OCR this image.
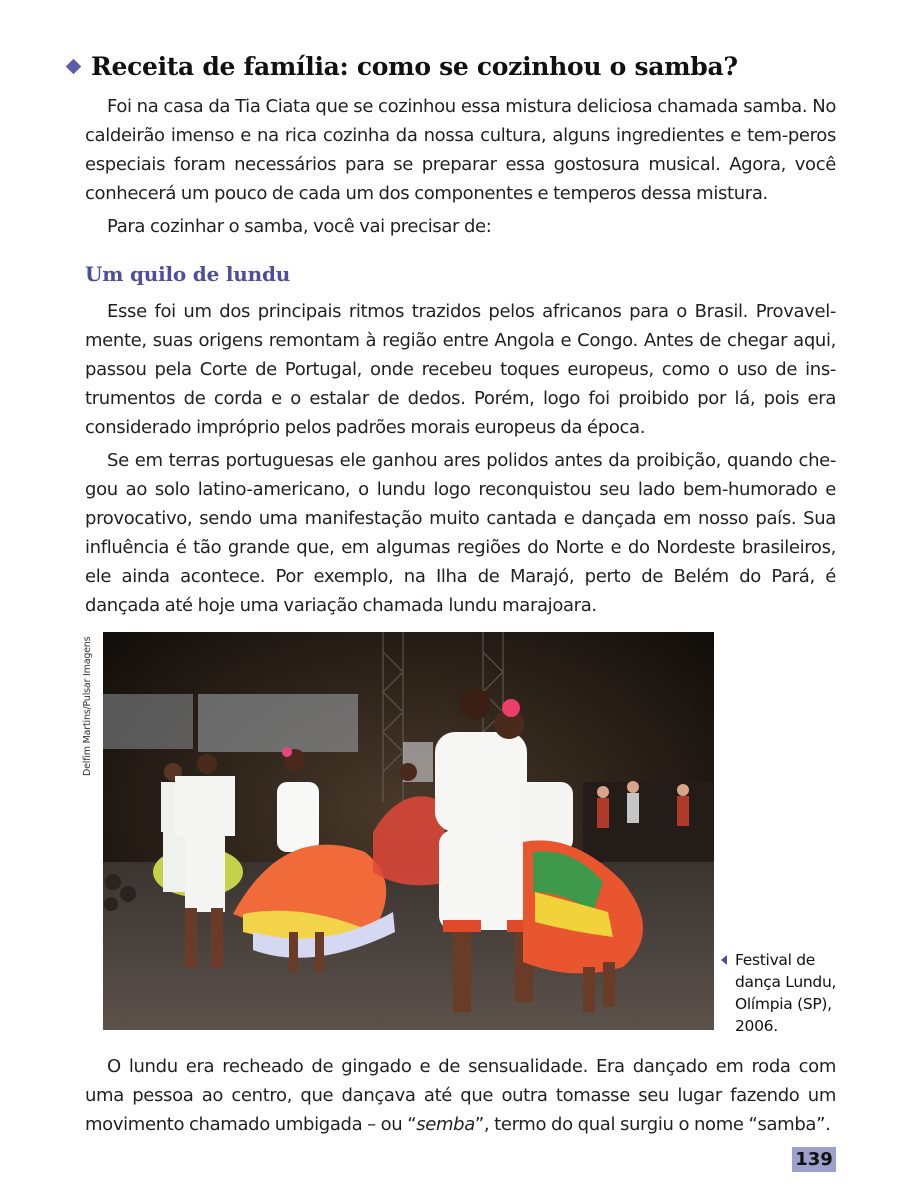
Receita de família: como se cozinhou o samba?
Foi na casa da Tia Ciata que se cozinhou essa mistura deliciosa chamada samba. No caldeirão imenso e na rica cozinha da nossa cultura, alguns ingredientes e tem-peros especiais foram necessários para se preparar essa gostosura musical. Agora, você conhecerá um pouco de cada um dos componentes e temperos dessa mistura.
Para cozinhar o samba, você vai precisar de:
Um quilo de lundu
Esse foi um dos principais ritmos trazidos pelos africanos para o Brasil. Provavel-mente, suas origens remontam à região entre Angola e Congo. Antes de chegar aqui, passou pela Corte de Portugal, onde recebeu toques europeus, como o uso de ins-trumentos de corda e o estalar de dedos. Porém, logo foi proibido por lá, pois era considerado impróprio pelos padrões morais europeus da época.
Se em terras portuguesas ele ganhou ares polidos antes da proibição, quando che-gou ao solo latino-americano, o lundu logo reconquistou seu lado bem-humorado e provocativo, sendo uma manifestação muito cantada e dançada em nosso país. Sua influência é tão grande que, em algumas regiões do Norte e do Nordeste brasileiros, ele ainda acontece. Por exemplo, na Ilha de Marajó, perto de Belém do Pará, é dançada até hoje uma variação chamada lundu marajoara.
Delfim Martins/Pulsar Imagens
Festival de dança Lundu, Olímpia (SP), 2006.
O lundu era recheado de gingado e de sensualidade. Era dançado em roda com uma pessoa ao centro, que dançava até que outra tomasse seu lugar fazendo um movimento chamado umbigada – ou “semba”, termo do qual surgiu o nome “samba”.
139
